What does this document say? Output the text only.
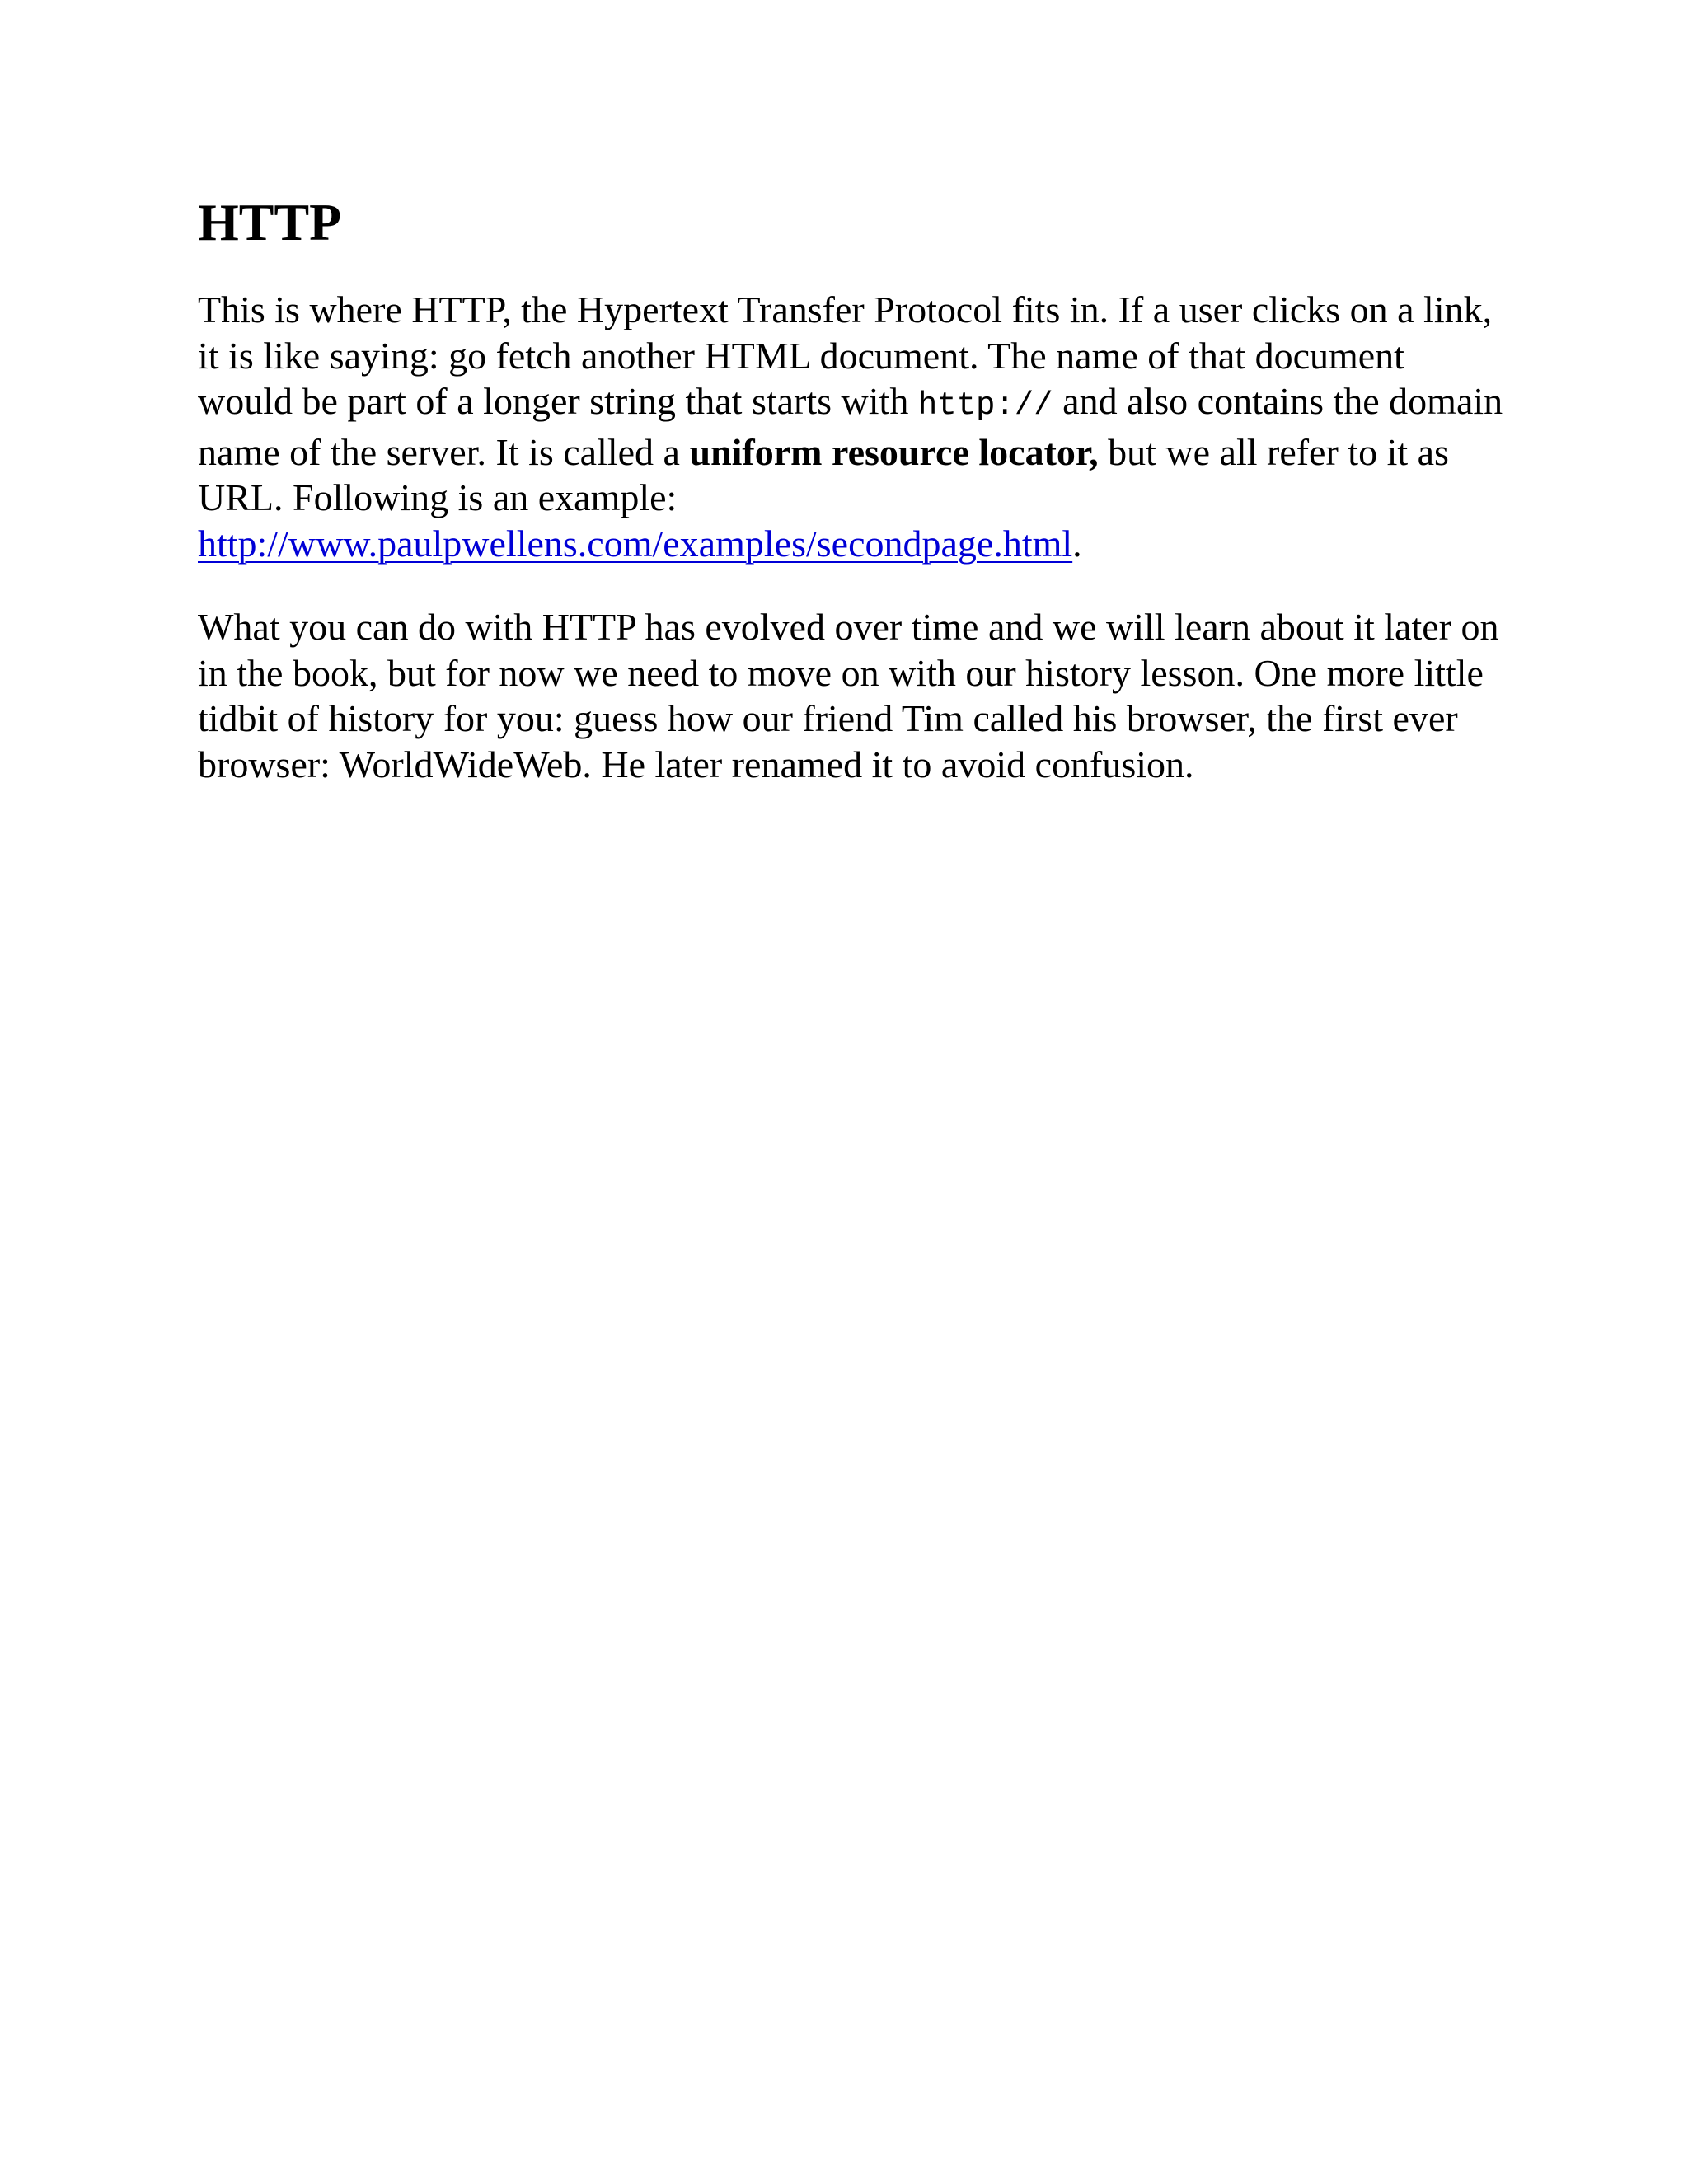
HTTP

This is where HTTP, the Hypertext Transfer Protocol fits in. If a user clicks on a link, it is like saying: go fetch another HTML document. The name of that document would be part of a longer string that starts with http:// and also contains the domain name of the server. It is called a uniform resource locator, but we all refer to it as URL. Following is an example: http://www.paulpwellens.com/examples/secondpage.html.

What you can do with HTTP has evolved over time and we will learn about it later on in the book, but for now we need to move on with our history lesson. One more little tidbit of history for you: guess how our friend Tim called his browser, the first ever browser: WorldWideWeb. He later renamed it to avoid confusion.
